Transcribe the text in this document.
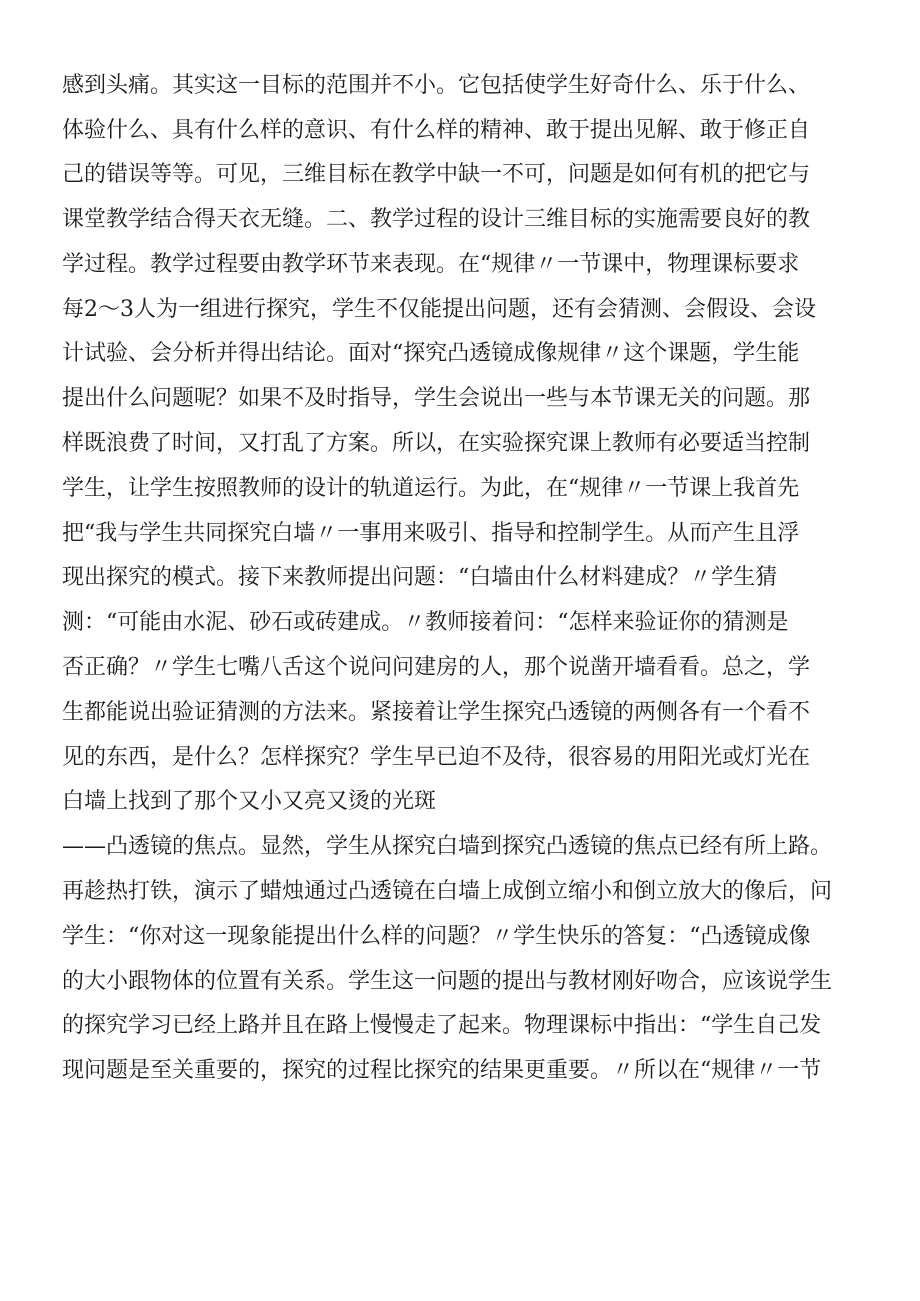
感到头痛。其实这一目标的范围并不小。它包括使学生好奇什么、乐于什么、

体验什么、具有什么样的意识、有什么样的精神、敢于提出见解、敢于修正自

己的错误等等。可见，三维目标在教学中缺一不可，问题是如何有机的把它与

课堂教学结合得天衣无缝。二、教学过程的设计三维目标的实施需要良好的教

学过程。教学过程要由教学环节来表现。在“规律〃一节课中，物理课标要求

每2～3人为一组进行探究，学生不仅能提出问题，还有会猜测、会假设、会设

计试验、会分析并得出结论。面对“探究凸透镜成像规律〃这个课题，学生能

提出什么问题呢？如果不及时指导，学生会说出一些与本节课无关的问题。那

样既浪费了时间，又打乱了方案。所以，在实验探究课上教师有必要适当控制

学生，让学生按照教师的设计的轨道运行。为此，在“规律〃一节课上我首先

把“我与学生共同探究白墙〃一事用来吸引、指导和控制学生。从而产生且浮

现出探究的模式。接下来教师提出问题：“白墙由什么材料建成？〃学生猜

测：“可能由水泥、砂石或砖建成。〃教师接着问：“怎样来验证你的猜测是

否正确？〃学生七嘴八舌这个说问问建房的人，那个说凿开墙看看。总之，学

生都能说出验证猜测的方法来。紧接着让学生探究凸透镜的两侧各有一个看不

见的东西，是什么？怎样探究？学生早已迫不及待，很容易的用阳光或灯光在

白墙上找到了那个又小又亮又烫的光斑

——凸透镜的焦点。显然，学生从探究白墙到探究凸透镜的焦点已经有所上路。

再趁热打铁，演示了蜡烛通过凸透镜在白墙上成倒立缩小和倒立放大的像后，问

学生：“你对这一现象能提出什么样的问题？〃学生快乐的答复：“凸透镜成像

的大小跟物体的位置有关系。学生这一问题的提出与教材刚好吻合，应该说学生

的探究学习已经上路并且在路上慢慢走了起来。物理课标中指出：“学生自己发

现问题是至关重要的，探究的过程比探究的结果更重要。〃所以在“规律〃一节
